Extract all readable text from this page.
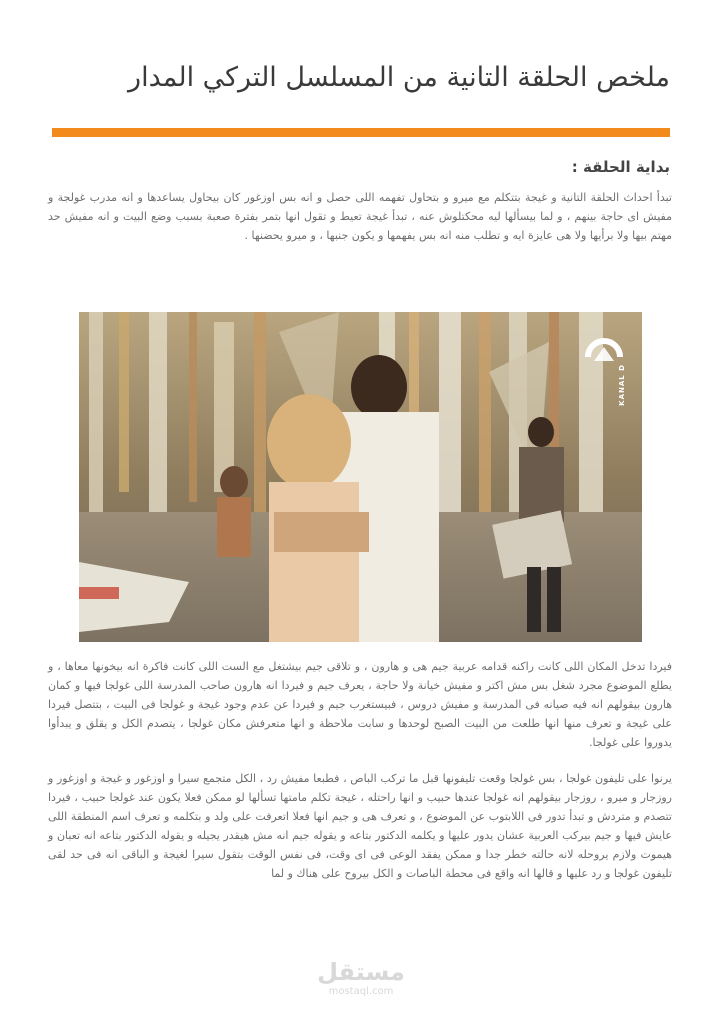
ملخص الحلقة التانية من المسلسل التركي المدار
بداية الحلقة :

تبدأ احداث الحلقة التانية و غيجة بتتكلم مع ميرو و بتحاول تفهمه اللى حصل و انه بس اوزغور كان بيحاول يساعدها و انه مدرب غولجة و مفيش اى حاجة بينهم ، و لما بيسألها ليه محكتلوش عنه ، تبدأ غيجة تعيط و تقول انها بتمر بفترة صعبة بسبب وضع البيت و انه مفيش حد مهتم بيها ولا برأيها ولا هى عايزة ايه و تطلب منه انه بس يفهمها و يكون جنبها ، و ميرو يحضنها .

KANAL D

فيردا تدخل المكان اللى كانت راكنه قدامه عربية جيم هى و هارون ، و تلاقى جيم بيشتغل مع الست اللى كانت فاكرة انه بيخونها معاها ، و يطلع الموضوع مجرد شغل بس مش اكتر و مفيش خيانة ولا حاجة ، يعرف جيم و فيردا انه هارون صاحب المدرسة اللى غولجا فيها و كمان هارون بيقولهم انه فيه صيانه فى المدرسة و مفيش دروس ، فبيستغرب جيم و فيردا عن عدم وجود غيجة و غولجا فى البيت ، بتتصل فيردا على غيجة و تعرف منها انها طلعت من البيت الصبح لوحدها و سابت ملاحظة و انها متعرفش مكان غولجا ، يتصدم الكل و يقلق و يبدأوا يدوروا على غولجا.

يرنوا على تليفون غولجا ، بس غولجا وقعت تليفونها قبل ما تركب الباص ، فطبعا مفيش رد ، الكل متجمع سيرا و اوزغور و غيجة و اوزغور و روزجار و ميرو ، روزجار بيقولهم انه غولجا عندها حبيب و انها راحتله ، غيجة تكلم مامتها تسألها لو ممكن فعلا يكون عند غولجا حبيب ، فيردا تتصدم و متردش و تبدأ تدور فى اللابتوب عن الموضوع ، و تعرف هى و جيم انها فعلا اتعرفت على ولد و بتكلمه و تعرف اسم المنطقة اللى عايش فيها و جيم بيركب العربية عشان يدور عليها و يكلمه الدكتور بتاعه و يقوله جيم انه مش هيقدر يجيله و يقوله الدكتور بتاعه انه تعبان و هيموت ولازم يروحله لانه حالته خطر جدا و ممكن يفقد الوعى فى اى وقت، فى نفس الوقت بتقول سيرا لغيجة و الباقى انه فى حد لقى تليفون غولجا و رد عليها و قالها انه واقع فى محطة الباصات و الكل بيروح على هناك و لما

مستقل
mostaql.com
